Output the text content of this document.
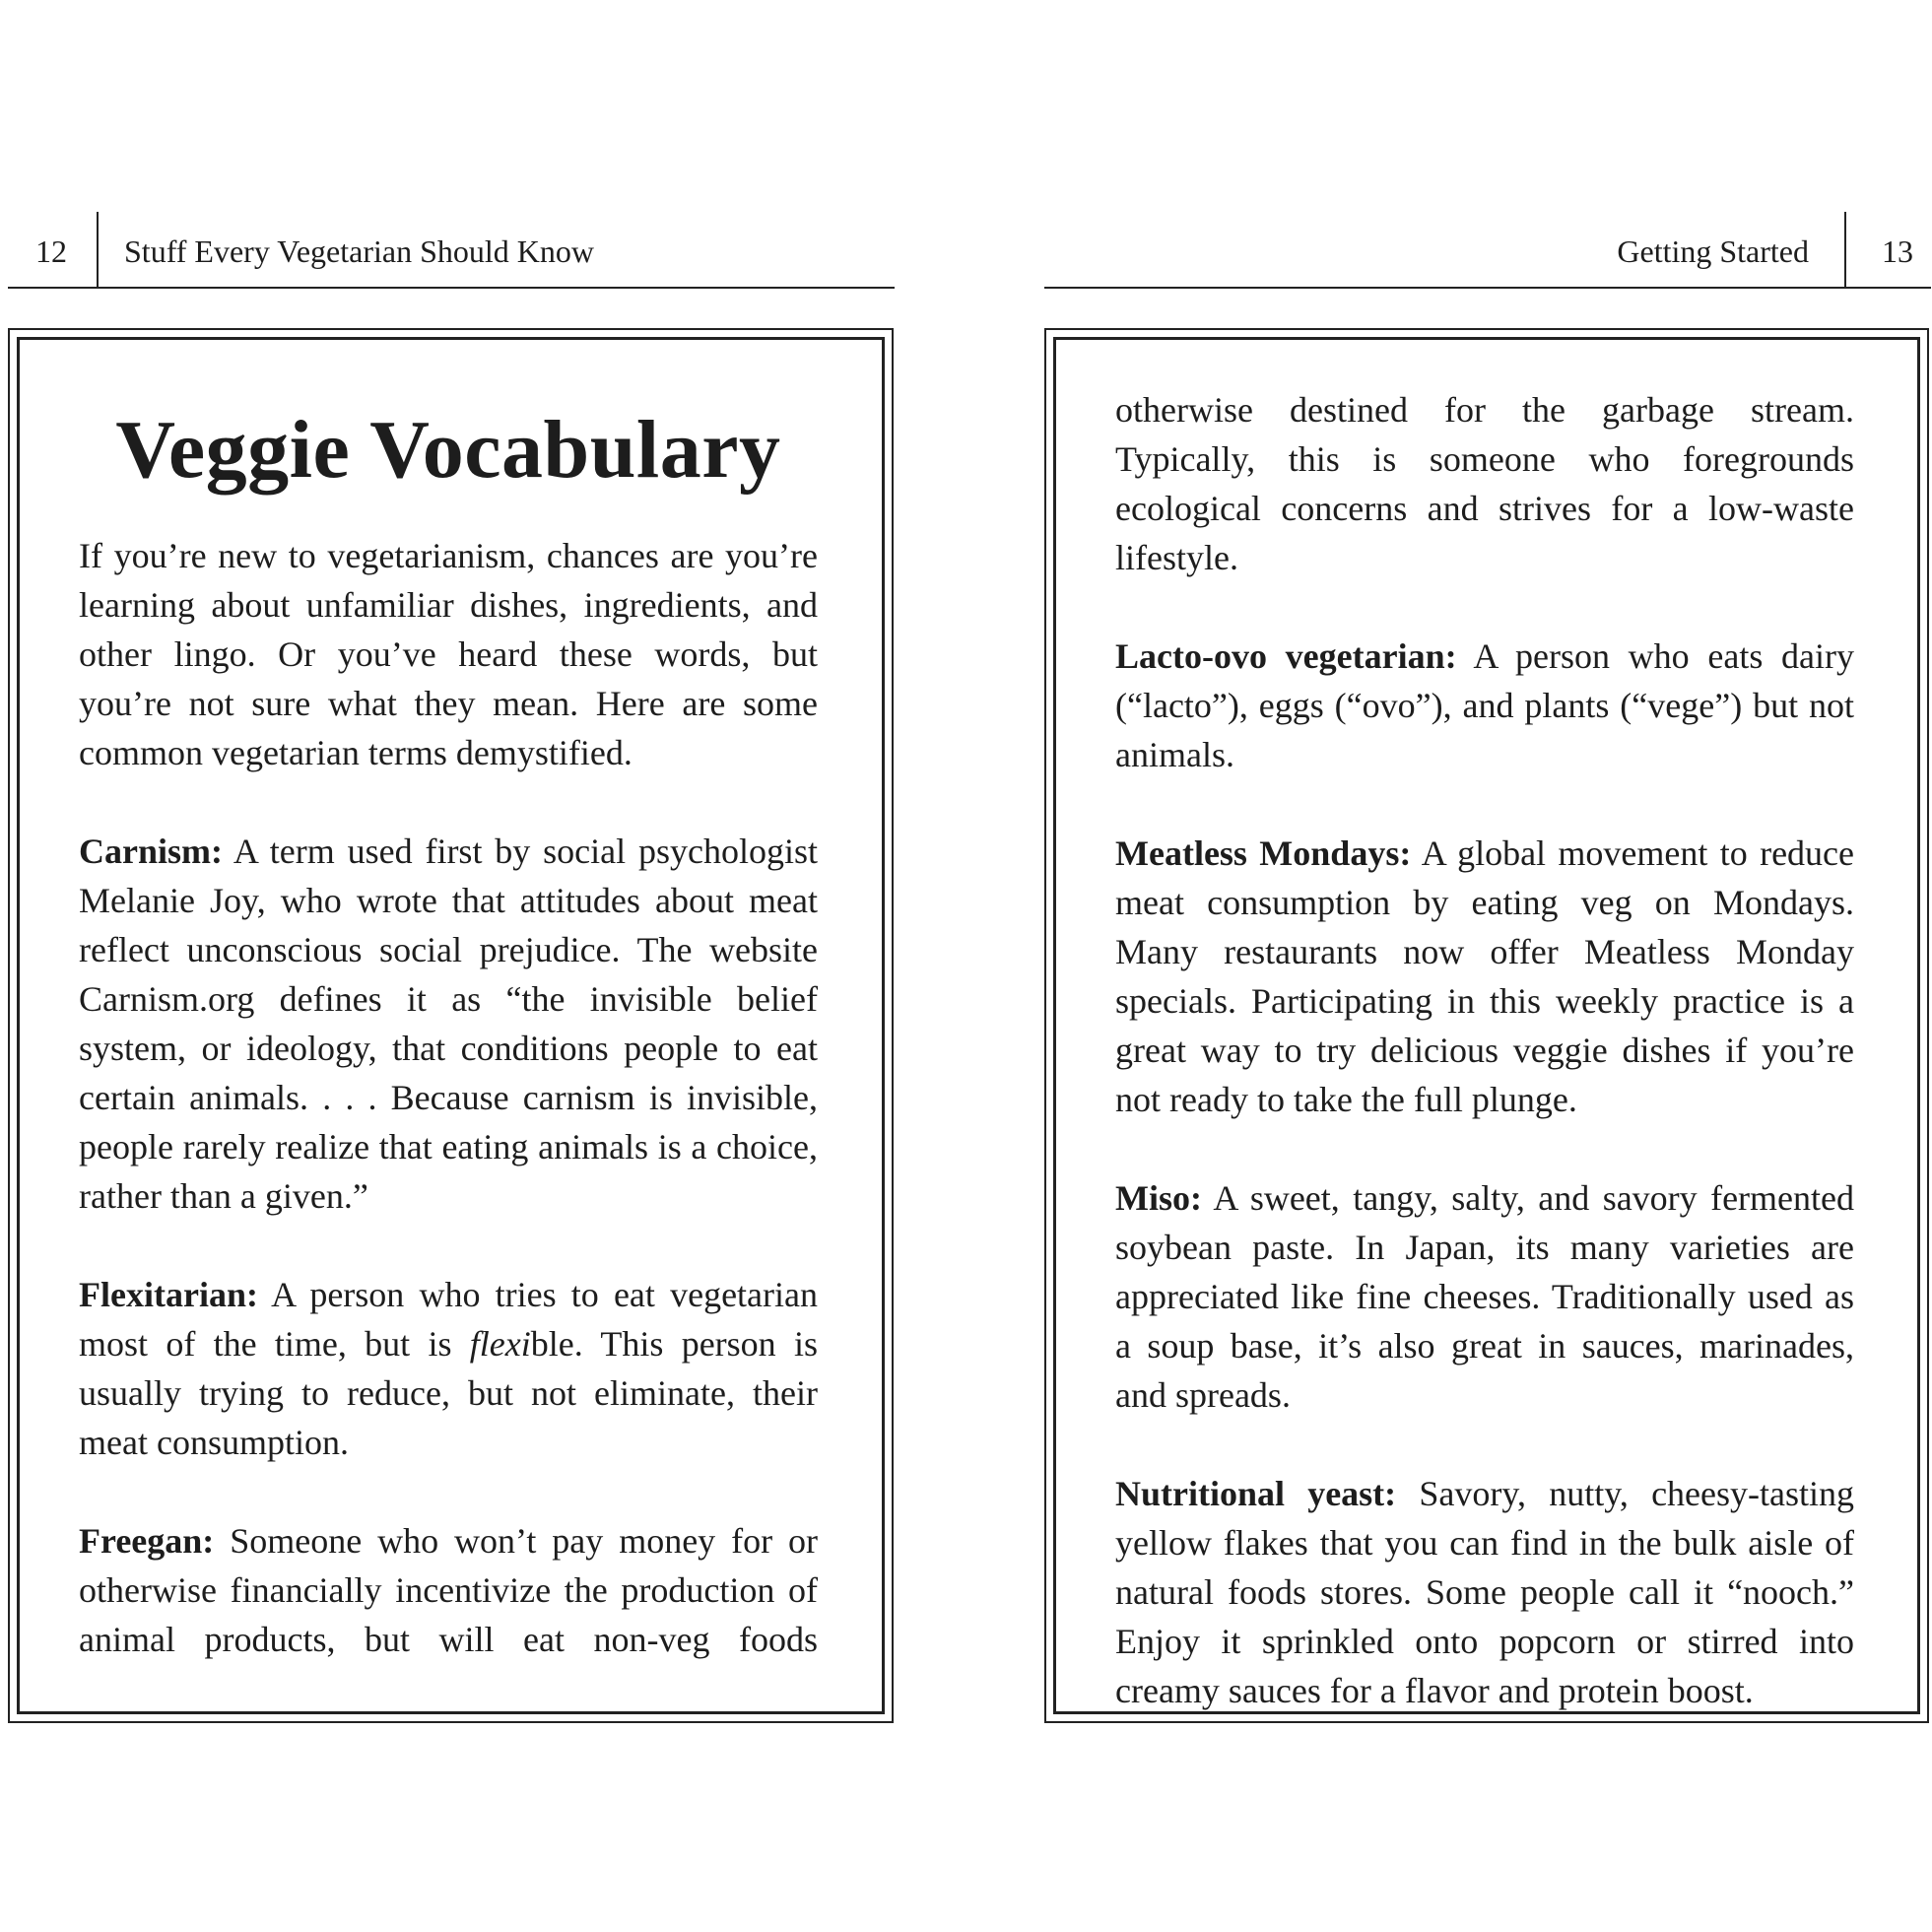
12 Stuff Every Vegetarian Should Know
Veggie Vocabulary

If you’re new to vegetarianism, chances are you’re learning about unfamiliar dishes, ingredients, and other lingo. Or you’ve heard these words, but you’re not sure what they mean. Here are some common vegetarian terms demystified.

Carnism: A term used first by social psychologist Melanie Joy, who wrote that attitudes about meat reflect unconscious social prejudice. The website Carnism.org defines it as “the invisible belief system, or ideology, that conditions people to eat certain animals. . . . Because carnism is invisible, people rarely realize that eating animals is a choice, rather than a given.”

Flexitarian: A person who tries to eat vegetarian most of the time, but is flexible. This person is usually trying to reduce, but not eliminate, their meat consumption.

Freegan: Someone who won’t pay money for or otherwise financially incentivize the production of animal products, but will eat non-veg foods

Getting Started 13

otherwise destined for the garbage stream. Typically, this is someone who foregrounds ecological concerns and strives for a low-waste lifestyle.

Lacto-ovo vegetarian: A person who eats dairy (“lacto”), eggs (“ovo”), and plants (“vege”) but not animals.

Meatless Mondays: A global movement to reduce meat consumption by eating veg on Mondays. Many restaurants now offer Meatless Monday specials. Participating in this weekly practice is a great way to try delicious veggie dishes if you’re not ready to take the full plunge.

Miso: A sweet, tangy, salty, and savory fermented soybean paste. In Japan, its many varieties are appreciated like fine cheeses. Traditionally used as a soup base, it’s also great in sauces, marinades, and spreads.

Nutritional yeast: Savory, nutty, cheesy-tasting yellow flakes that you can find in the bulk aisle of natural foods stores. Some people call it “nooch.” Enjoy it sprinkled onto popcorn or stirred into creamy sauces for a flavor and protein boost.
